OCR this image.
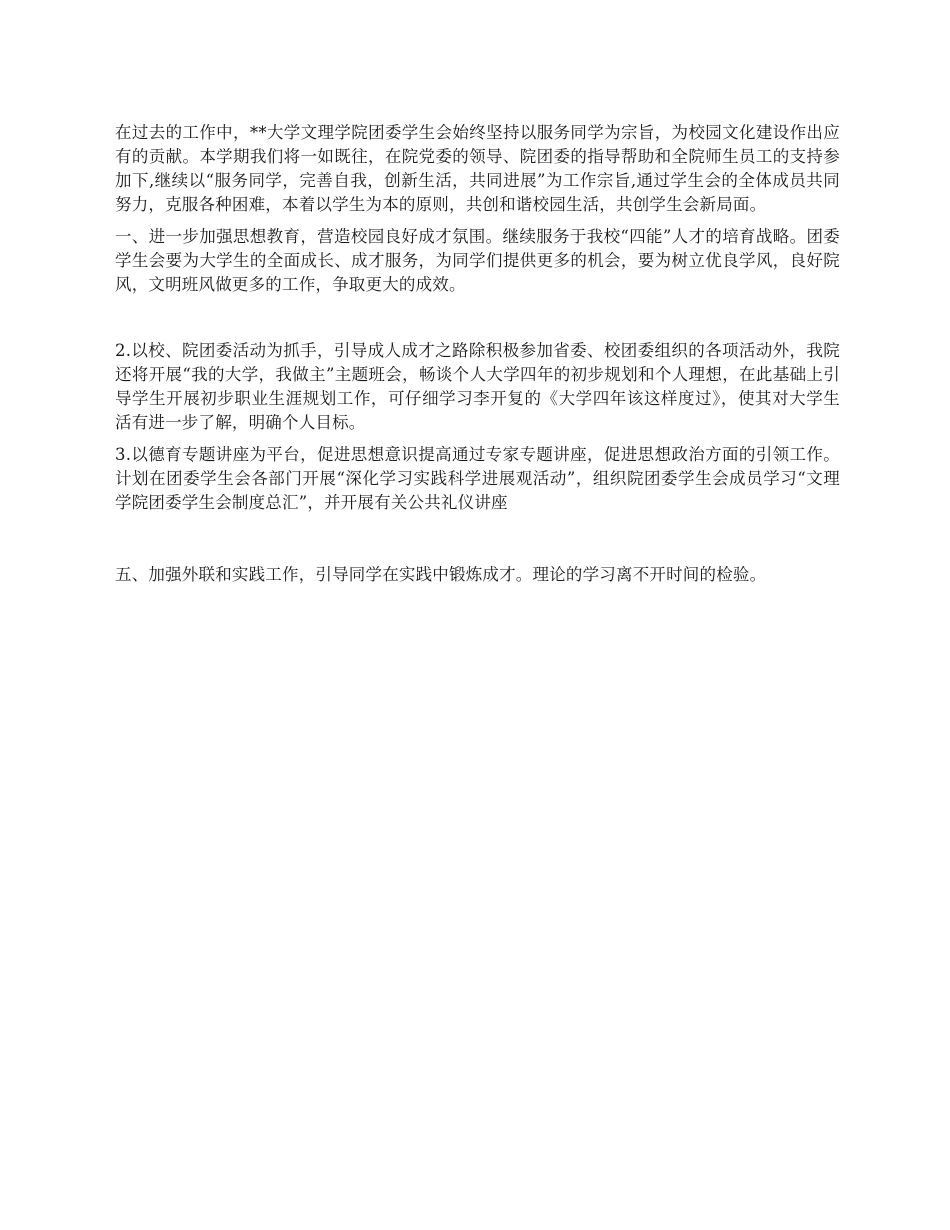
在过去的工作中，**大学文理学院团委学生会始终坚持以服务同学为宗旨，为校园文化建设作出应有的贡献。本学期我们将一如既往，在院党委的领导、院团委的指导帮助和全院师生员工的支持参加下,继续以“服务同学，完善自我，创新生活，共同进展”为工作宗旨,通过学生会的全体成员共同努力，克服各种困难，本着以学生为本的原则，共创和谐校园生活，共创学生会新局面。

一、进一步加强思想教育，营造校园良好成才氛围。继续服务于我校“四能”人才的培育战略。团委学生会要为大学生的全面成长、成才服务，为同学们提供更多的机会，要为树立优良学风，良好院风，文明班风做更多的工作，争取更大的成效。

2.以校、院团委活动为抓手，引导成人成才之路除积极参加省委、校团委组织的各项活动外，我院还将开展“我的大学，我做主”主题班会，畅谈个人大学四年的初步规划和个人理想，在此基础上引导学生开展初步职业生涯规划工作，可仔细学习李开复的《大学四年该这样度过》，使其对大学生活有进一步了解，明确个人目标。

3.以德育专题讲座为平台，促进思想意识提高通过专家专题讲座，促进思想政治方面的引领工作。计划在团委学生会各部门开展“深化学习实践科学进展观活动”，组织院团委学生会成员学习“文理学院团委学生会制度总汇”，并开展有关公共礼仪讲座

五、加强外联和实践工作，引导同学在实践中锻炼成才。理论的学习离不开时间的检验。
